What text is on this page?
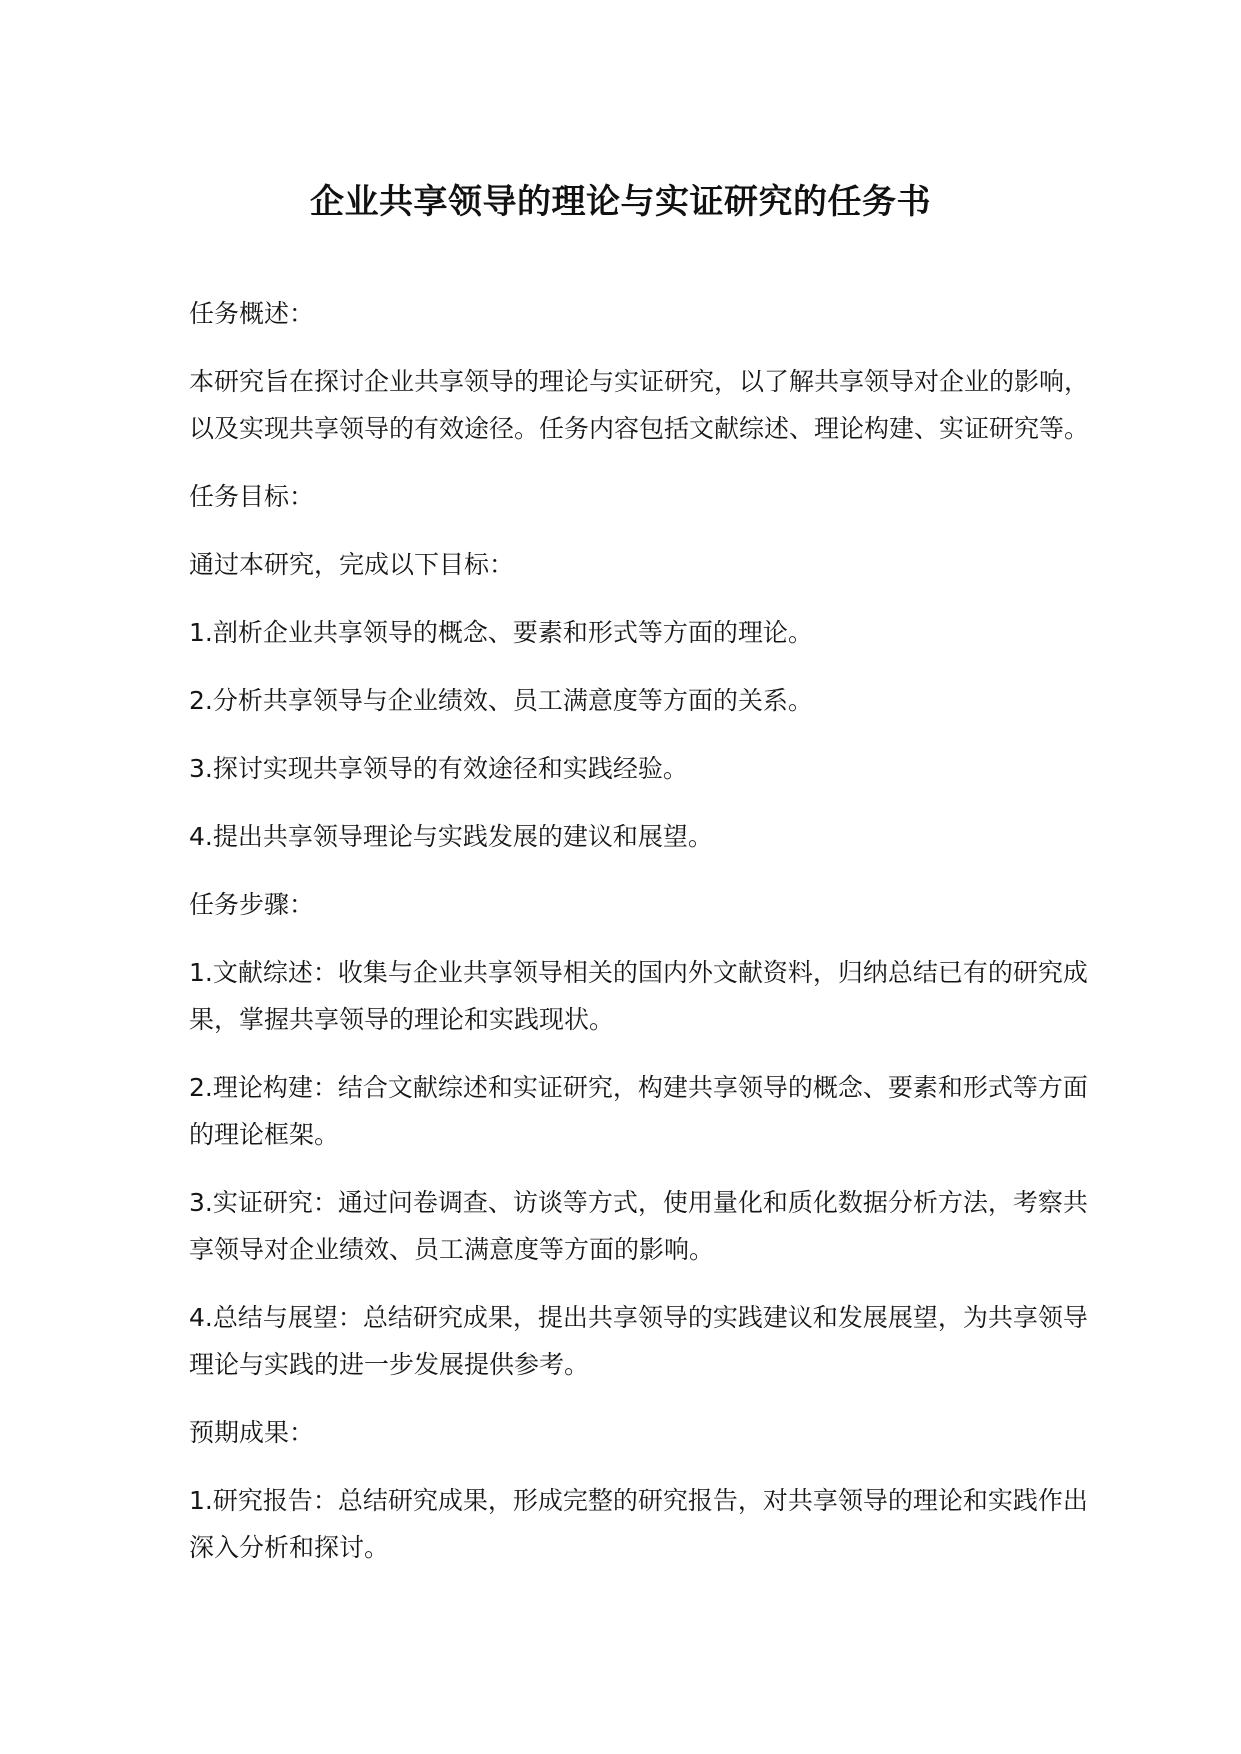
企业共享领导的理论与实证研究的任务书

任务概述：

本研究旨在探讨企业共享领导的理论与实证研究，以了解共享领导对企业的影响，以及实现共享领导的有效途径。任务内容包括文献综述、理论构建、实证研究等。

任务目标：

通过本研究，完成以下目标：

1.剖析企业共享领导的概念、要素和形式等方面的理论。

2.分析共享领导与企业绩效、员工满意度等方面的关系。

3.探讨实现共享领导的有效途径和实践经验。

4.提出共享领导理论与实践发展的建议和展望。

任务步骤：

1.文献综述：收集与企业共享领导相关的国内外文献资料，归纳总结已有的研究成果，掌握共享领导的理论和实践现状。

2.理论构建：结合文献综述和实证研究，构建共享领导的概念、要素和形式等方面的理论框架。

3.实证研究：通过问卷调查、访谈等方式，使用量化和质化数据分析方法，考察共享领导对企业绩效、员工满意度等方面的影响。

4.总结与展望：总结研究成果，提出共享领导的实践建议和发展展望，为共享领导理论与实践的进一步发展提供参考。

预期成果：

1.研究报告：总结研究成果，形成完整的研究报告，对共享领导的理论和实践作出深入分析和探讨。
